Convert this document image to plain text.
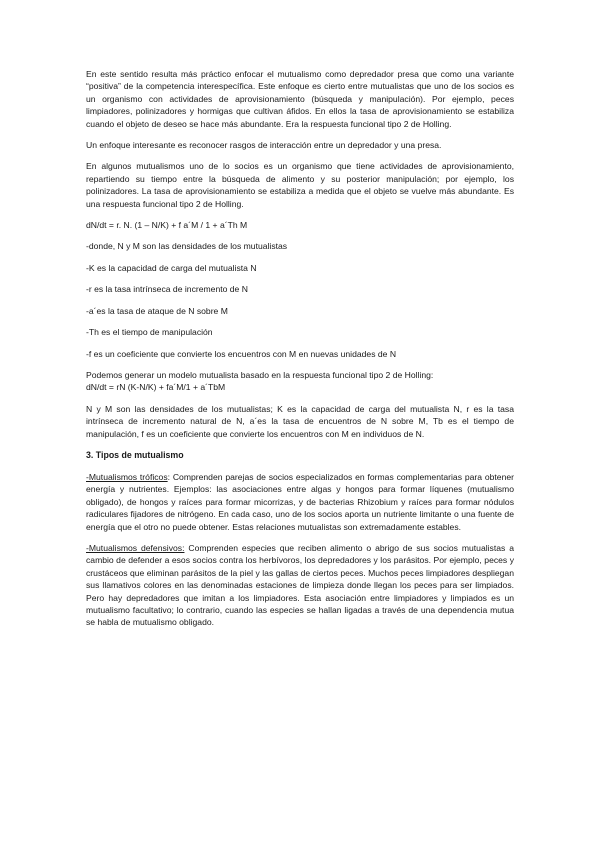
En este sentido resulta más práctico enfocar el mutualismo como depredador presa que como una variante “positiva” de la competencia interespecífica. Este enfoque es cierto entre mutualistas que uno de los socios es un organismo con actividades de aprovisionamiento (búsqueda y manipulación). Por ejemplo, peces limpiadores, polinizadores y hormigas que cultivan áfidos. En ellos la tasa de aprovisionamiento se estabiliza cuando el objeto de deseo se hace más abundante. Era la respuesta funcional tipo 2 de Holling.

Un enfoque interesante es reconocer rasgos de interacción entre un depredador y una presa.

En algunos mutualismos uno de lo socios es un organismo que tiene actividades de aprovisionamiento, repartiendo su tiempo entre la búsqueda de alimento y su posterior manipulación; por ejemplo, los polinizadores. La tasa de aprovisionamiento se estabiliza a medida que el objeto se vuelve más abundante. Es una respuesta funcional tipo 2 de Holling.

dN/dt = r. N. (1 – N/K) + f a´M / 1 + a´Th M

-donde, N y M son las densidades de los mutualistas

-K es la capacidad de carga del mutualista N

-r es la tasa intrínseca de incremento de N

-a´es la tasa de ataque de N sobre M

-Th es el tiempo de manipulación

-f es un coeficiente que convierte los encuentros con M en nuevas unidades de N

Podemos generar un modelo mutualista basado en la respuesta funcional tipo 2 de Holling:
dN/dt = rN (K-N/K) + fa´M/1 + a´TbM

N y M son las densidades de los mutualistas; K es la capacidad de carga del mutualista N, r es la tasa intrínseca de incremento natural de N, a´es la tasa de encuentros de N sobre M, Tb es el tiempo de manipulación, f es un coeficiente que convierte los encuentros con M en individuos de N.

3. Tipos de mutualismo

-Mutualismos tróficos: Comprenden parejas de socios especializados en formas complementarias para obtener energía y nutrientes. Ejemplos: las asociaciones entre algas y hongos para formar líquenes (mutualismo obligado), de hongos y raíces para formar micorrizas, y de bacterias Rhizobium y raíces para formar nódulos radiculares fijadores de nitrógeno. En cada caso, uno de los socios aporta un nutriente limitante o una fuente de energía que el otro no puede obtener. Estas relaciones mutualistas son extremadamente estables.

-Mutualismos defensivos: Comprenden especies que reciben alimento o abrigo de sus socios mutualistas a cambio de defender a esos socios contra los herbívoros, los depredadores y los parásitos. Por ejemplo, peces y crustáceos que eliminan parásitos de la piel y las gallas de ciertos peces. Muchos peces limpiadores despliegan sus llamativos colores en las denominadas estaciones de limpieza donde llegan los peces para ser limpiados. Pero hay depredadores que imitan a los limpiadores. Esta asociación entre limpiadores y limpiados es un mutualismo facultativo; lo contrario, cuando las especies se hallan ligadas a través de una dependencia mutua se habla de mutualismo obligado.
